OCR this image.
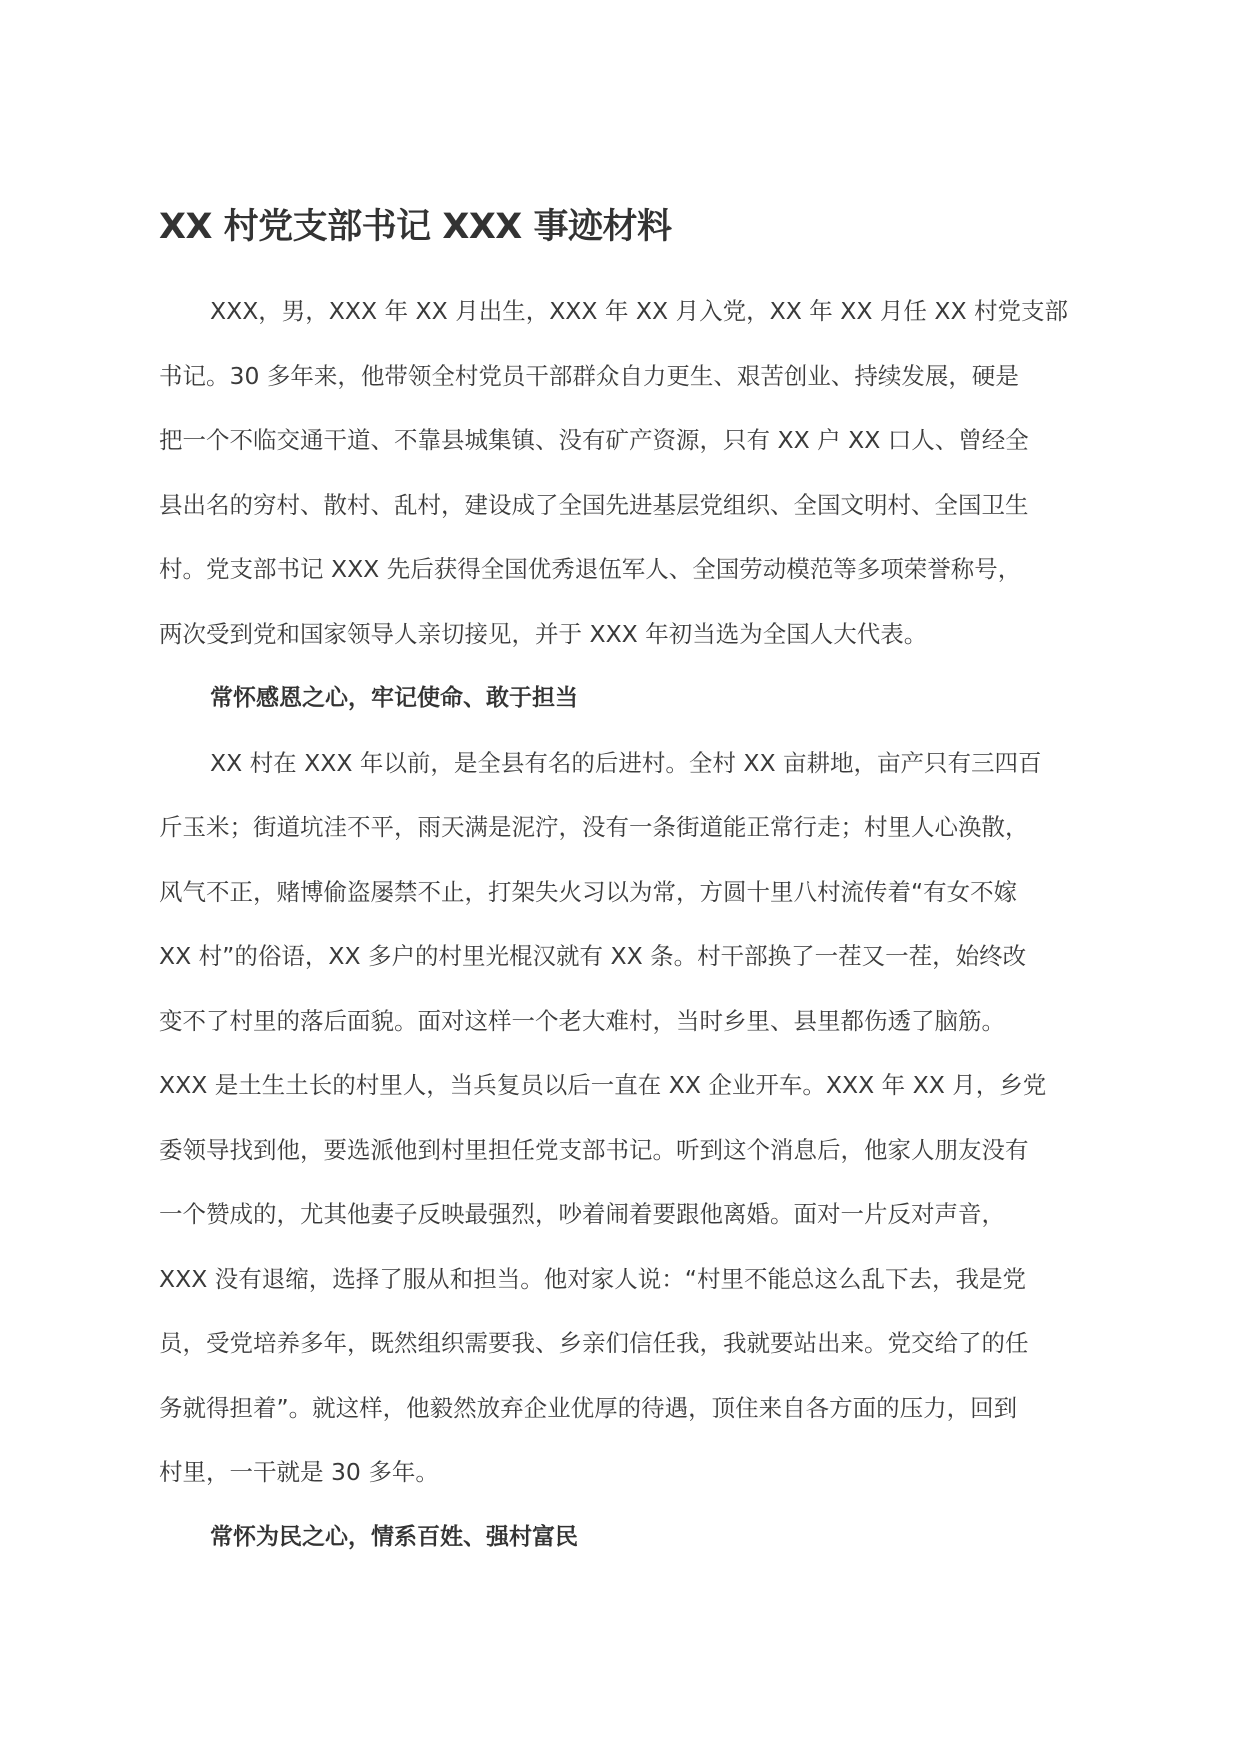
XX 村党支部书记 XXX 事迹材料
XXX，男，XXX 年 XX 月出生，XXX 年 XX 月入党，XX 年 XX 月任 XX 村党支部
书记。30 多年来，他带领全村党员干部群众自力更生、艰苦创业、持续发展，硬是
把一个不临交通干道、不靠县城集镇、没有矿产资源，只有 XX 户 XX 口人、曾经全
县出名的穷村、散村、乱村，建设成了全国先进基层党组织、全国文明村、全国卫生
村。党支部书记 XXX 先后获得全国优秀退伍军人、全国劳动模范等多项荣誉称号，
两次受到党和国家领导人亲切接见，并于 XXX 年初当选为全国人大代表。
常怀感恩之心，牢记使命、敢于担当
XX 村在 XXX 年以前，是全县有名的后进村。全村 XX 亩耕地，亩产只有三四百
斤玉米；街道坑洼不平，雨天满是泥泞，没有一条街道能正常行走；村里人心涣散，
风气不正，赌博偷盗屡禁不止，打架失火习以为常，方圆十里八村流传着“有女不嫁
XX 村”的俗语，XX 多户的村里光棍汉就有 XX 条。村干部换了一茬又一茬，始终改
变不了村里的落后面貌。面对这样一个老大难村，当时乡里、县里都伤透了脑筋。
XXX 是土生土长的村里人，当兵复员以后一直在 XX 企业开车。XXX 年 XX 月，乡党
委领导找到他，要选派他到村里担任党支部书记。听到这个消息后，他家人朋友没有
一个赞成的，尤其他妻子反映最强烈，吵着闹着要跟他离婚。面对一片反对声音，
XXX 没有退缩，选择了服从和担当。他对家人说：“村里不能总这么乱下去，我是党
员，受党培养多年，既然组织需要我、乡亲们信任我，我就要站出来。党交给了的任
务就得担着”。就这样，他毅然放弃企业优厚的待遇，顶住来自各方面的压力，回到
村里，一干就是 30 多年。
常怀为民之心，情系百姓、强村富民
